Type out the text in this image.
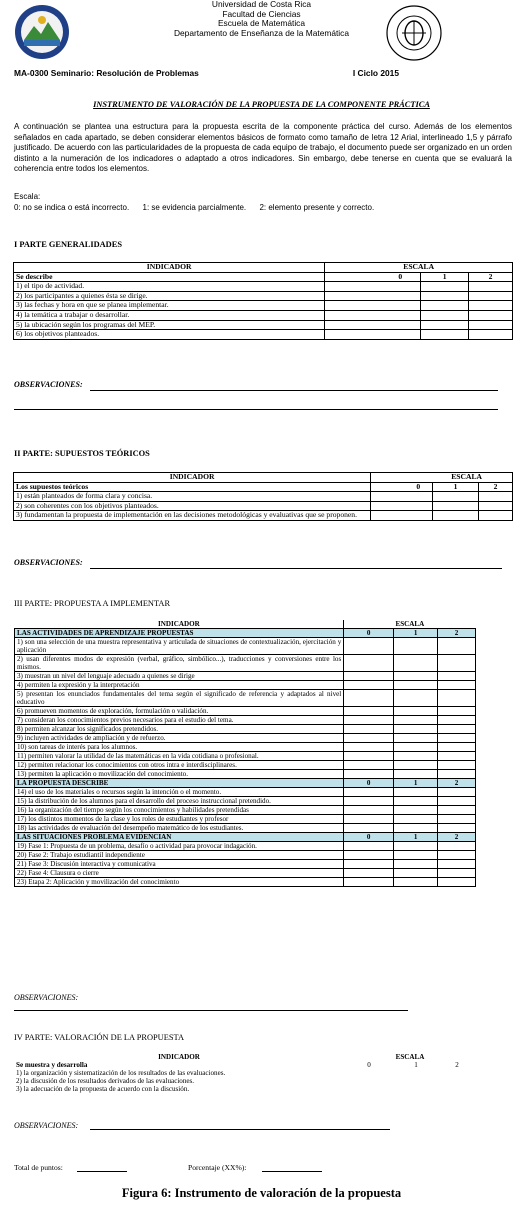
Universidad de Costa Rica
Facultad de Ciencias
Escuela de Matemática
Departamento de Enseñanza de la Matemática
MA-0300 Seminario: Resolución de Problemas	I Ciclo 2015
INSTRUMENTO DE VALORACIÓN DE LA PROPUESTA DE LA COMPONENTE PRÁCTICA
A continuación se plantea una estructura para la propuesta escrita de la componente práctica del curso. Además de los elementos señalados en cada apartado, se deben considerar elementos básicos de formato como tamaño de letra 12 Arial, interlineado 1,5 y párrafo justificado. De acuerdo con las particularidades de la propuesta de cada equipo de trabajo, el documento puede ser organizado en un orden distinto a la numeración de los indicadores o adaptado a otros indicadores. Sin embargo, debe tenerse en cuenta que se evaluará la coherencia entre todos los elementos.
Escala:
0: no se indica o está incorrecto.      1: se evidencia parcialmente.      2: elemento presente y correcto.
I PARTE GENERALIDADES
INDICADOR	ESCALA		
Se describe	0	1	2
1) el tipo de actividad.			
2) los participantes a quienes ésta se dirige.			
3) las fechas y hora en que se planea implementar.			
4) la temática a trabajar o desarrollar.			
5) la ubicación según los programas del MEP.			
6) los objetivos planteados.			
OBSERVACIONES:
II PARTE: SUPUESTOS TEÓRICOS
INDICADOR	ESCALA		
Los supuestos teóricos	0	1	2
1) están planteados de forma clara y concisa.			
2) son coherentes con los objetivos planteados.			
3) fundamentan la propuesta de implementación en las decisiones metodológicas y evaluativas que se proponen.			
OBSERVACIONES:
III PARTE: PROPUESTA A IMPLEMENTAR
INDICADOR	ESCALA		
LAS ACTIVIDADES DE APRENDIZAJE PROPUESTAS	0	1	2
1) son una selección de una muestra representativa y articulada de situaciones de contextualización, ejercitación y aplicación			
2) usan diferentes modos de expresión (verbal, gráfico, simbólico...), traducciones y conversiones entre los mismos.			
3) muestran un nivel del lenguaje adecuado a quienes se dirige			
4) permiten la expresión y la interpretación			
5) presentan los enunciados fundamentales del tema según el significado de referencia y adaptados al nivel educativo			
6) promueven momentos de exploración, formulación o validación.			
7) consideran los conocimientos previos necesarios para el estudio del tema.			
8) permiten alcanzar los significados pretendidos.			
9) incluyen actividades de ampliación y de refuerzo.			
10) son tareas de interés para los alumnos.			
11) permiten valorar la utilidad de las matemáticas en la vida cotidiana o profesional.			
12) permiten relacionar los conocimientos con otros intra e interdisciplinares.			
13) permiten la aplicación o movilización del conocimiento.			
LA PROPUESTA DESCRIBE	0	1	2
14) el uso de los materiales o recursos según la intención o el momento.			
15) la distribución de los alumnos para el desarrollo del proceso instruccional pretendido.			
16) la organización del tiempo según los conocimientos y habilidades pretendidas			
17) los distintos momentos de la clase y los roles de estudiantes y profesor			
18) las actividades de evaluación del desempeño matemático de los estudiantes.			
LAS SITUACIONES PROBLEMA EVIDENCIAN	0	1	2
19) Fase 1: Propuesta de un problema, desafío o actividad para provocar indagación.			
20) Fase 2: Trabajo estudiantil independiente			
21) Fase 3: Discusión interactiva y comunicativa			
22) Fase 4: Clausura o cierre			
23) Etapa 2: Aplicación y movilización del conocimiento			
OBSERVACIONES:
IV PARTE: VALORACIÓN DE LA PROPUESTA
INDICADOR	ESCALA		
Se muestra y desarrolla	0	1	2
1) la organización y sistematización de los resultados de las evaluaciones.			
2) la discusión de los resultados derivados de las evaluaciones.			
3) la adecuación de la propuesta de acuerdo con la discusión.			
OBSERVACIONES:
Total de puntos:	Porcentaje (XX%):
Figura 6: Instrumento de valoración de la propuesta
